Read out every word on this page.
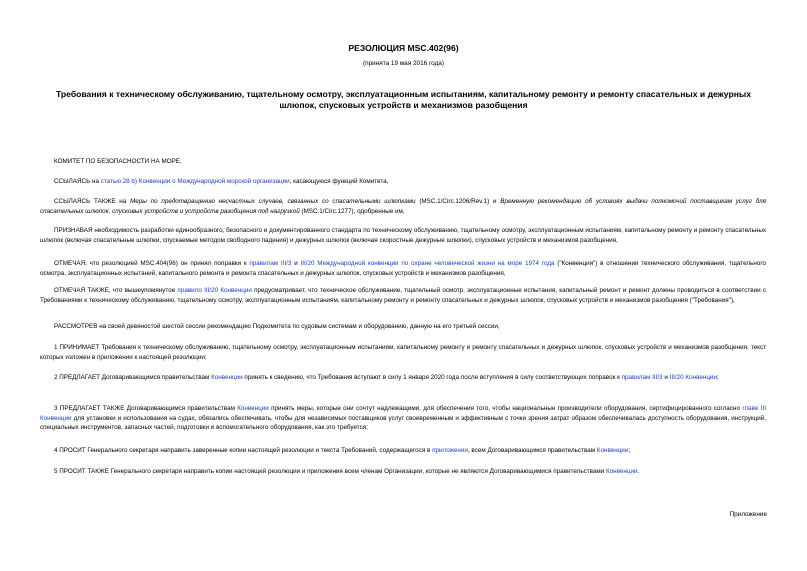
РЕЗОЛЮЦИЯ MSC.402(96)
(принята 19 мая 2016 года)
Требования к техническому обслуживанию, тщательному осмотру, эксплуатационным испытаниям, капитальному ремонту и ремонту спасательных и дежурных шлюпок, спусковых устройств и механизмов разобщения
КОМИТЕТ ПО БЕЗОПАСНОСТИ НА МОРЕ,
ССЫЛАЯСЬ на статью 28 b) Конвенции о Международной морской организации, касающуюся функций Комитета,
ССЫЛАЯСЬ ТАКЖЕ на Меры по предотвращению несчастных случаев, связанных со спасательными шлюпками (MSC.1/Circ.1206/Rev.1) и Временную рекомендацию об условиях выдачи полномочий поставщикам услуг для спасательных шлюпок, спусковых устройств и устройств разобщения под нагрузкой (MSC.1/Circ.1277), одобренные им,
ПРИЗНАВАЯ необходимость разработки единообразного, безопасного и документированного стандарта по техническому обслуживанию, тщательному осмотру, эксплуатационным испытаниям, капитальному ремонту и ремонту спасательных шлюпок (включая спасательные шлюпки, спускаемые методом свободного падения) и дежурных шлюпок (включая скоростные дежурные шлюпки), спусковых устройств и механизмов разобщения,
ОТМЕЧАЯ, что резолюцией MSC.404(96) он принял поправки к правилам III/3 и III/20 Международной конвенции по охране человеческой жизни на море 1974 года ("Конвенция") в отношении технического обслуживания, тщательного осмотра, эксплуатационных испытаний, капитального ремонта и ремонта спасательных и дежурных шлюпок, спусковых устройств и механизмов разобщения,
ОТМЕЧАЯ ТАКЖЕ, что вышеупомянутое правило III/20 Конвенции предусматривает, что техническое обслуживание, тщательный осмотр, эксплуатационные испытания, капитальный ремонт и ремонт должны проводиться в соответствии с Требованиями к техническому обслуживанию, тщательному осмотру, эксплуатационным испытаниям, капитальному ремонту и ремонту спасательных и дежурных шлюпок, спусковых устройств и механизмов разобщения ("Требования"),
РАССМОТРЕВ на своей девяностой шестой сессии рекомендацию Подкомитета по судовым системам и оборудованию, данную на его третьей сессии,
1 ПРИНИМАЕТ Требования к техническому обслуживанию, тщательному осмотру, эксплуатационным испытаниям, капитальному ремонту и ремонту спасательных и дежурных шлюпок, спусковых устройств и механизмов разобщения, текст которых изложен в приложении к настоящей резолюции;
2 ПРЕДЛАГАЕТ Договаривающимся правительствам Конвенции принять к сведению, что Требования вступают в силу 1 января 2020 года после вступления в силу соответствующих поправок к правилам III/3 и III/20 Конвенции;
3 ПРЕДЛАГАЕТ ТАКЖЕ Договаривающимся правительствам Конвенции принять меры, которые они сочтут надлежащими, для обеспечения того, чтобы национальные производители оборудования, сертифицированного согласно главе III Конвенции для установки и использования на судах, обязались обеспечивать, чтобы для независимых поставщиков услуг своевременным и эффективным с точки зрения затрат образом обеспечивалась доступность оборудования, инструкций, специальных инструментов, запасных частей, подготовки и вспомогательного оборудования, как это требуется;
4 ПРОСИТ Генерального секретаря направить заверенные копии настоящей резолюции и текста Требований, содержащегося в приложении, всем Договаривающимся правительствам Конвенции;
5 ПРОСИТ ТАКЖЕ Генерального секретаря направить копии настоящей резолюции и приложения всем членам Организации, которые не являются Договаривающимися правительствами Конвенции.
Приложение
